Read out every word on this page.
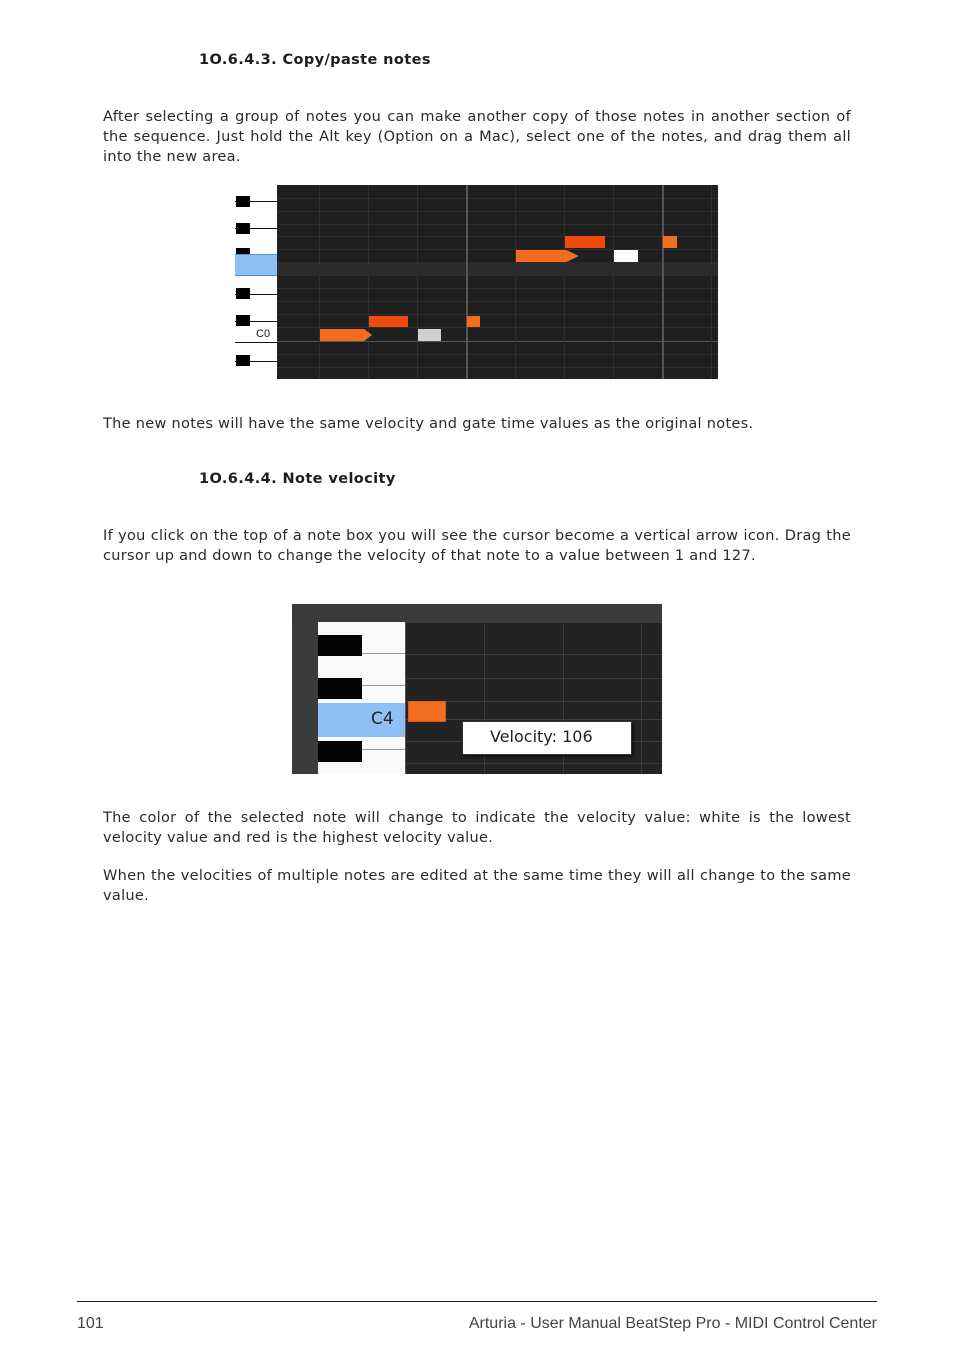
1O.6.4.3. Copy/paste notes

After selecting a group of notes you can make another copy of those notes in another section of the sequence. Just hold the Alt key (Option on a Mac), select one of the notes, and drag them all into the new area.

C0

The new notes will have the same velocity and gate time values as the original notes.

1O.6.4.4. Note velocity

If you click on the top of a note box you will see the cursor become a vertical arrow icon. Drag the cursor up and down to change the velocity of that note to a value between 1 and 127.

C4
Velocity: 106

The color of the selected note will change to indicate the velocity value: white is the lowest velocity value and red is the highest velocity value.

When the velocities of multiple notes are edited at the same time they will all change to the same value.

101	Arturia - User Manual BeatStep Pro - MIDI Control Center
